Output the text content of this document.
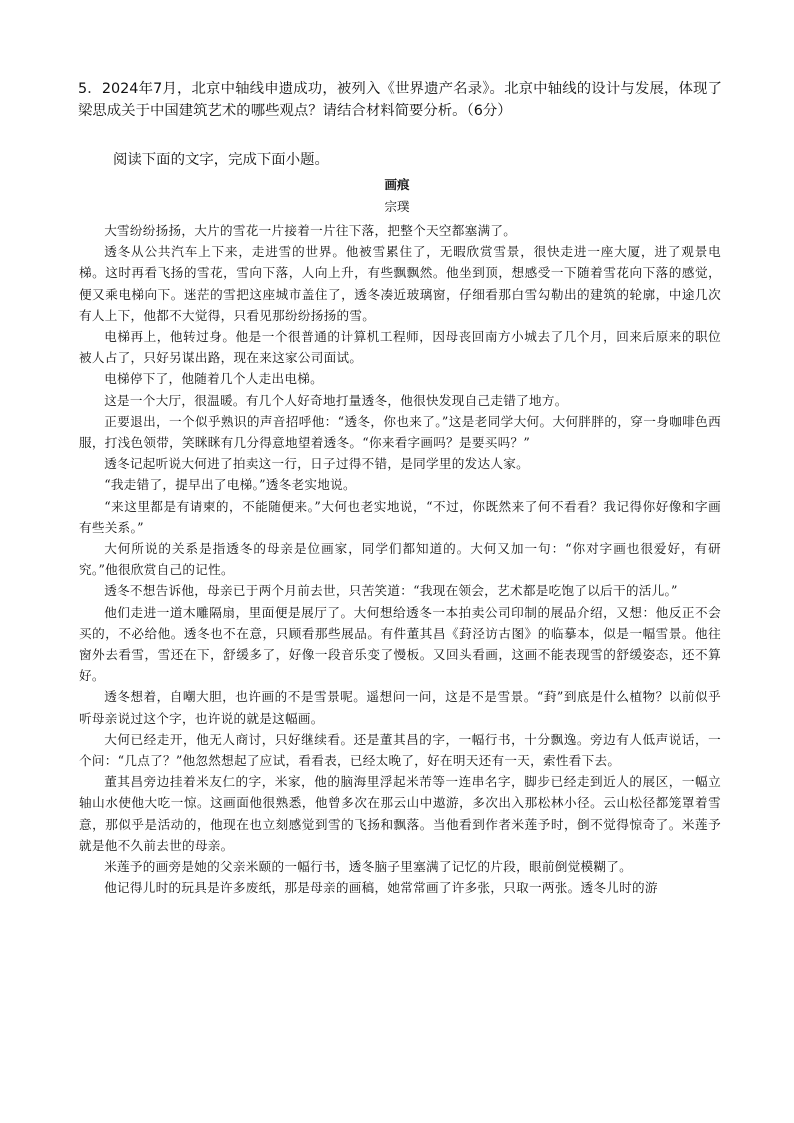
5．2024年7月，北京中轴线申遗成功，被列入《世界遗产名录》。北京中轴线的设计与发展，体现了梁思成关于中国建筑艺术的哪些观点？请结合材料简要分析。（6分）
阅读下面的文字，完成下面小题。
画痕
宗璞

大雪纷纷扬扬，大片的雪花一片接着一片往下落，把整个天空都塞满了。

透冬从公共汽车上下来，走进雪的世界。他被雪累住了，无暇欣赏雪景，很快走进一座大厦，进了观景电梯。这时再看飞扬的雪花，雪向下落，人向上升，有些飘飘然。他坐到顶，想感受一下随着雪花向下落的感觉，便又乘电梯向下。迷茫的雪把这座城市盖住了，透冬凑近玻璃窗，仔细看那白雪勾勒出的建筑的轮廓，中途几次有人上下，他都不大觉得，只看见那纷纷扬扬的雪。

电梯再上，他转过身。他是一个很普通的计算机工程师，因母丧回南方小城去了几个月，回来后原来的职位被人占了，只好另谋出路，现在来这家公司面试。

电梯停下了，他随着几个人走出电梯。

这是一个大厅，很温暖。有几个人好奇地打量透冬，他很快发现自己走错了地方。

正要退出，一个似乎熟识的声音招呼他：“透冬，你也来了。”这是老同学大何。大何胖胖的，穿一身咖啡色西服，打浅色领带，笑眯眯有几分得意地望着透冬。“你来看字画吗？是要买吗？”

透冬记起听说大何进了拍卖这一行，日子过得不错，是同学里的发达人家。

“我走错了，提早出了电梯。”透冬老实地说。

“来这里都是有请柬的，不能随便来。”大何也老实地说，“不过，你既然来了何不看看？我记得你好像和字画有些关系。”

大何所说的关系是指透冬的母亲是位画家，同学们都知道的。大何又加一句：“你对字画也很爱好，有研究。”他很欣赏自己的记性。

透冬不想告诉他，母亲已于两个月前去世，只苦笑道：“我现在领会，艺术都是吃饱了以后干的活儿。”

他们走进一道木雕隔扇，里面便是展厅了。大何想给透冬一本拍卖公司印制的展品介绍，又想：他反正不会买的，不必给他。透冬也不在意，只顾看那些展品。有件董其昌《葑泾访古图》的临摹本，似是一幅雪景。他往窗外去看雪，雪还在下，舒缓多了，好像一段音乐变了慢板。又回头看画，这画不能表现雪的舒缓姿态，还不算好。

透冬想着，自嘲大胆，也许画的不是雪景呢。遥想问一问，这是不是雪景。“葑”到底是什么植物？以前似乎听母亲说过这个字，也许说的就是这幅画。

大何已经走开，他无人商讨，只好继续看。还是董其昌的字，一幅行书，十分飘逸。旁边有人低声说话，一个问：“几点了？”他忽然想起了应试，看看表，已经太晚了，好在明天还有一天，索性看下去。

董其昌旁边挂着米友仁的字，米家，他的脑海里浮起米芾等一连串名字，脚步已经走到近人的展区，一幅立轴山水使他大吃一惊。这画面他很熟悉，他曾多次在那云山中遨游，多次出入那松林小径。云山松径都笼罩着雪意，那似乎是活动的，他现在也立刻感觉到雪的飞扬和飘落。当他看到作者米莲予时，倒不觉得惊奇了。米莲予就是他不久前去世的母亲。

米莲予的画旁是她的父亲米颐的一幅行书，透冬脑子里塞满了记忆的片段，眼前倒觉模糊了。

他记得儿时的玩具是许多废纸，那是母亲的画稿，她常常画了许多张，只取一两张。透冬儿时的游
